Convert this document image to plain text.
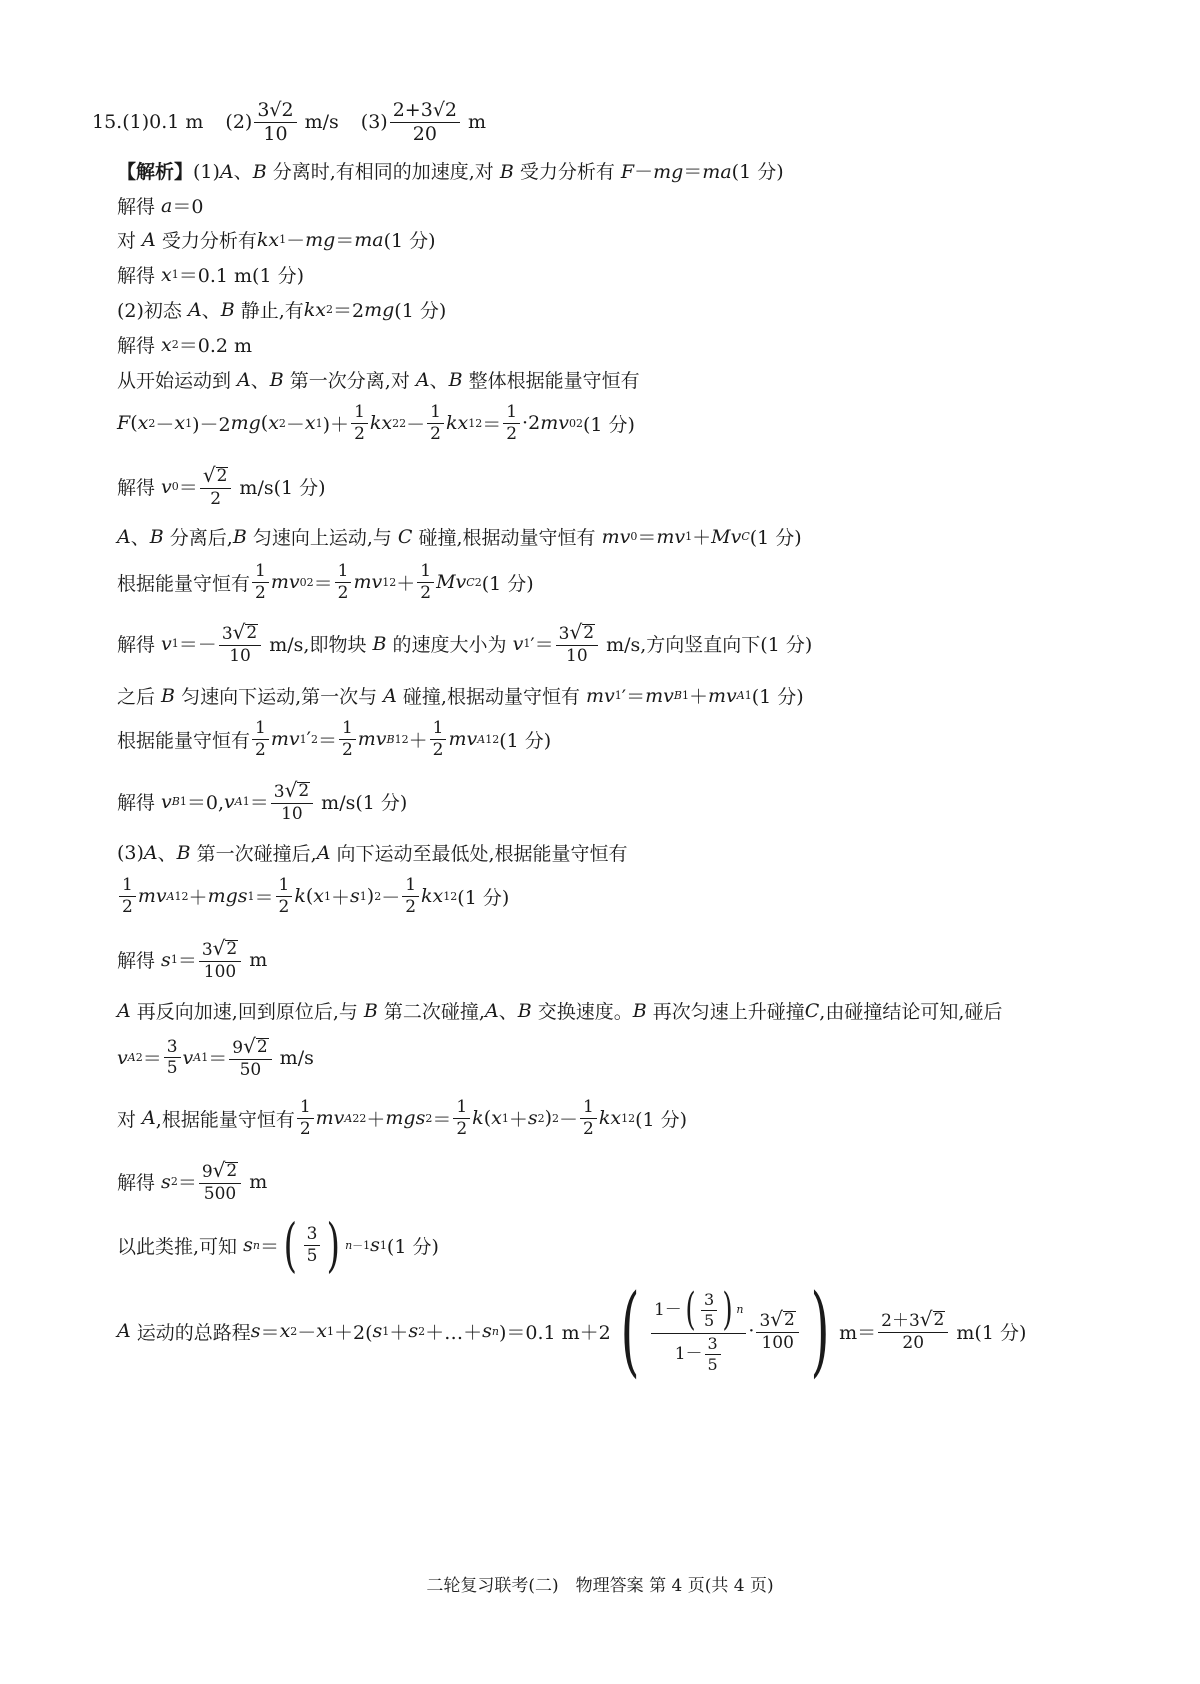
15.(1)0.1 m $(2) \frac{3√2}{10} m/s$ $(3) \frac{2+3√2}{20}$ m
【解析】 (1)A、B 分离时,有相同的加速度,对 B 受力分析有 F－mg＝ma(1 分)
解得 a ＝0
对 A 受力分析有 kx 1 － mg ＝ ma (1 分)
解得 x 1 ＝0.1 m(1 分)
(2)初态 A 、 B 静止,有 kx 2 ＝2 mg (1 分)
解得 x 2 ＝0.2 m
从开始运动到 A 、 B 第一次分离,对 A 、 B 整体根据能量守恒有
F ( x 2 － x 1 )－2 mg ( x 2 － x 1 )＋ $\frac{1}{2}$ kx 2 $2 - \frac{1}{2}$ kx 1 $2 = \frac{1}{2} \cdot 2$ mv 0 2 (1 分)
解得 v $0 = \frac{√ 2}{2} m/s(1$ 分)
A 、 B 分离后, B 匀速向上运动,与 C 碰撞,根据动量守恒有 mv 0 ＝ mv 1 ＋ Mv C (1 分)
根据能量守恒有 $\frac{1}{2}$ mv 0 $2 = \frac{1}{2}$ mv 1 $2 + \frac{1}{2}$ Mv C 2 (1 分)
解得 v $1 =- \frac{3 √ 2}{10} m/s$,即物块 B 的速度大小为 v 1 ′＝ $\frac{3 √ 2}{10} m/s$,方向竖直向下(1 分)
之后 B 匀速向下运动,第一次与 A 碰撞,根据动量守恒有 mv 1 ′＝ mv B1 ＋ mv A1 (1 分)
根据能量守恒有 $\frac{1}{2}$ mv 1 ′ $2 = \frac{1}{2}$ mv B1 $2 + \frac{1}{2}$ mv A1 2 (1 分)
解得 v B1 ＝0, v $A1 = \frac{3 √ 2}{10} m/s(1$ 分)
(3) A 、 B 第一次碰撞后, A 向下运动至最低处,根据能量守恒有
$\frac{1}{2}$ mv A1 2 ＋ mgs $1 = \frac{1}{2}$ k ( x 1 ＋ s 1 ) $2 - \frac{1}{2}$ kx 1 2 (1 分)
解得 s $1 = \frac{3 √ 2}{100}$ m
A 再反向加速,回到原位后,与 B 第二次碰撞, A 、 B 交换速度。 B 再次匀速上升碰撞 C ,由碰撞结论可知,碰后
v $A2 = \frac{3}{5}$ v $A1 = \frac{9 √ 2}{50} m/s$
对 A ,根据能量守恒有 $\frac{1}{2}$ mv A2 2 ＋ mgs $2 = \frac{1}{2}$ k ( x 1 ＋ s 2 ) $2 - \frac{1}{2}$ kx 1 2 (1 分)
解得 s $2 = \frac{9 √ 2}{500}$ m
以此类推,可知 s n ＝ ( $\frac{3}{5}$ ) n－1 s 1 (1 分)
A 运动的总路程 s ＝ x 2 － x 1 ＋2( s 1 ＋ s 2 ＋…＋ s n )＝0.1 m＋2 ( $\frac{1- ( \frac{3}{5} ) n}{1- \frac{3}{5}} \cdot \frac{3 √ 2}{100}$ ) $m= \frac{2+3 √ 2}{20} m(1$ 分)
二轮复习联考(二)　物理答案 第 4 页(共 4 页)
